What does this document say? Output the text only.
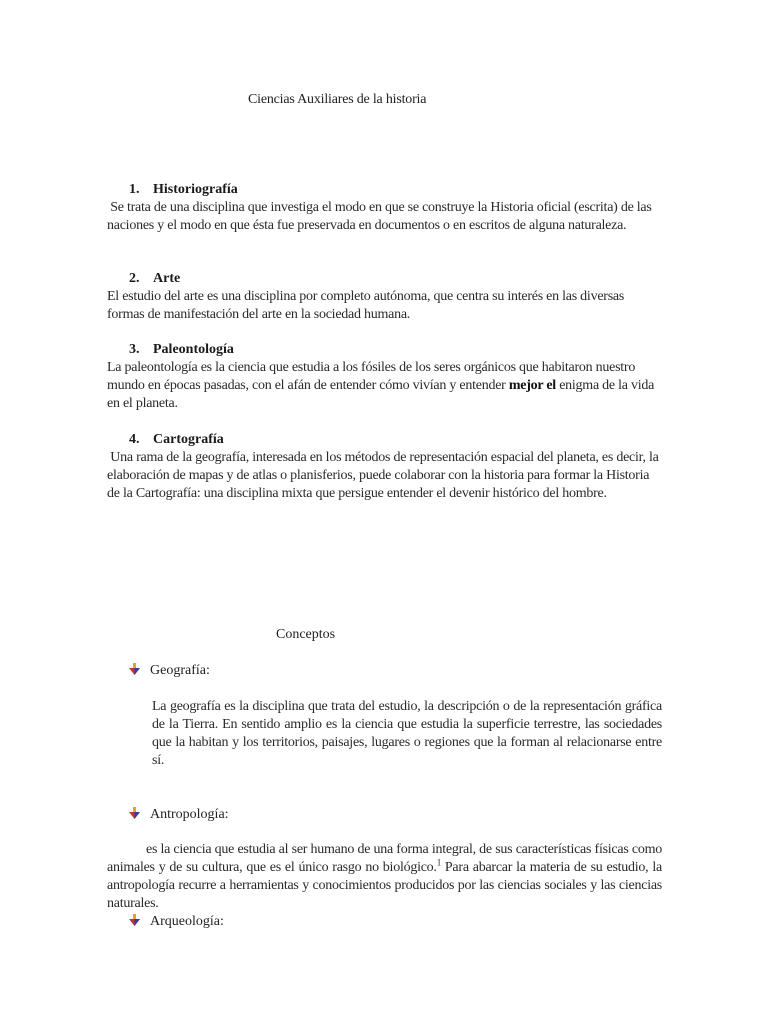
Ciencias Auxiliares de la historia
1. Historiografía
Se trata de una disciplina que investiga el modo en que se construye la Historia oficial (escrita) de las naciones y el modo en que ésta fue preservada en documentos o en escritos de alguna naturaleza.
2. Arte
El estudio del arte es una disciplina por completo autónoma, que centra su interés en las diversas formas de manifestación del arte en la sociedad humana.
3. Paleontología
La paleontología es la ciencia que estudia a los fósiles de los seres orgánicos que habitaron nuestro mundo en épocas pasadas, con el afán de entender cómo vivían y entender mejor el enigma de la vida en el planeta.
4. Cartografía
Una rama de la geografía, interesada en los métodos de representación espacial del planeta, es decir, la elaboración de mapas y de atlas o planisferios, puede colaborar con la historia para formar la Historia de la Cartografía: una disciplina mixta que persigue entender el devenir histórico del hombre.
Conceptos
Geografía:
La geografía es la disciplina que trata del estudio, la descripción o de la representación gráfica de la Tierra. En sentido amplio es la ciencia que estudia la superficie terrestre, las sociedades que la habitan y los territorios, paisajes, lugares o regiones que la forman al relacionarse entre sí.
Antropología:
es la ciencia que estudia al ser humano de una forma integral, de sus características físicas como animales y de su cultura, que es el único rasgo no biológico.$^1$ Para abarcar la materia de su estudio, la antropología recurre a herramientas y conocimientos producidos por las ciencias sociales y las ciencias naturales.
Arqueología:
